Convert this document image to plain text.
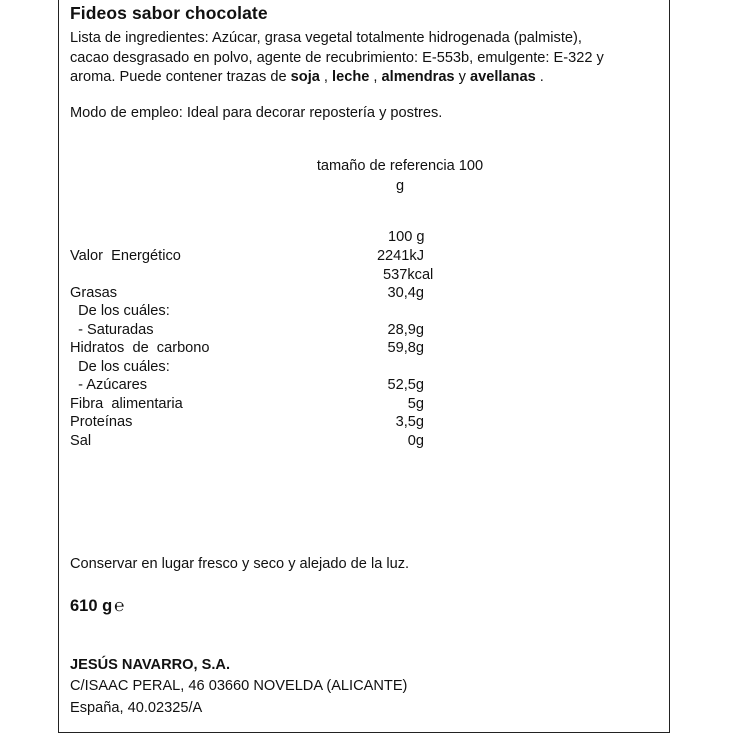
Fideos sabor chocolate
Lista de ingredientes: Azúcar, grasa vegetal totalmente hidrogenada (palmiste),
cacao desgrasado en polvo, agente de recubrimiento: E-553b, emulgente: E-322 y
aroma. Puede contener trazas de soja , leche , almendras y avellanas .
Modo de empleo: Ideal para decorar repostería y postres.
tamaño de referencia 100
g
100 g
Valor  Energético	2241kJ
537kcal
Grasas	30,4g
De los cuáles:
- Saturadas	28,9g
Hidratos  de  carbono	59,8g
De los cuáles:
- Azúcares	52,5g
Fibra  alimentaria	5g
Proteínas	3,5g
Sal	0g
Conservar en lugar fresco y seco y alejado de la luz.
610 g ℮
JESÚS NAVARRO, S.A.
C/ISAAC PERAL, 46 03660 NOVELDA (ALICANTE)
España, 40.02325/A
